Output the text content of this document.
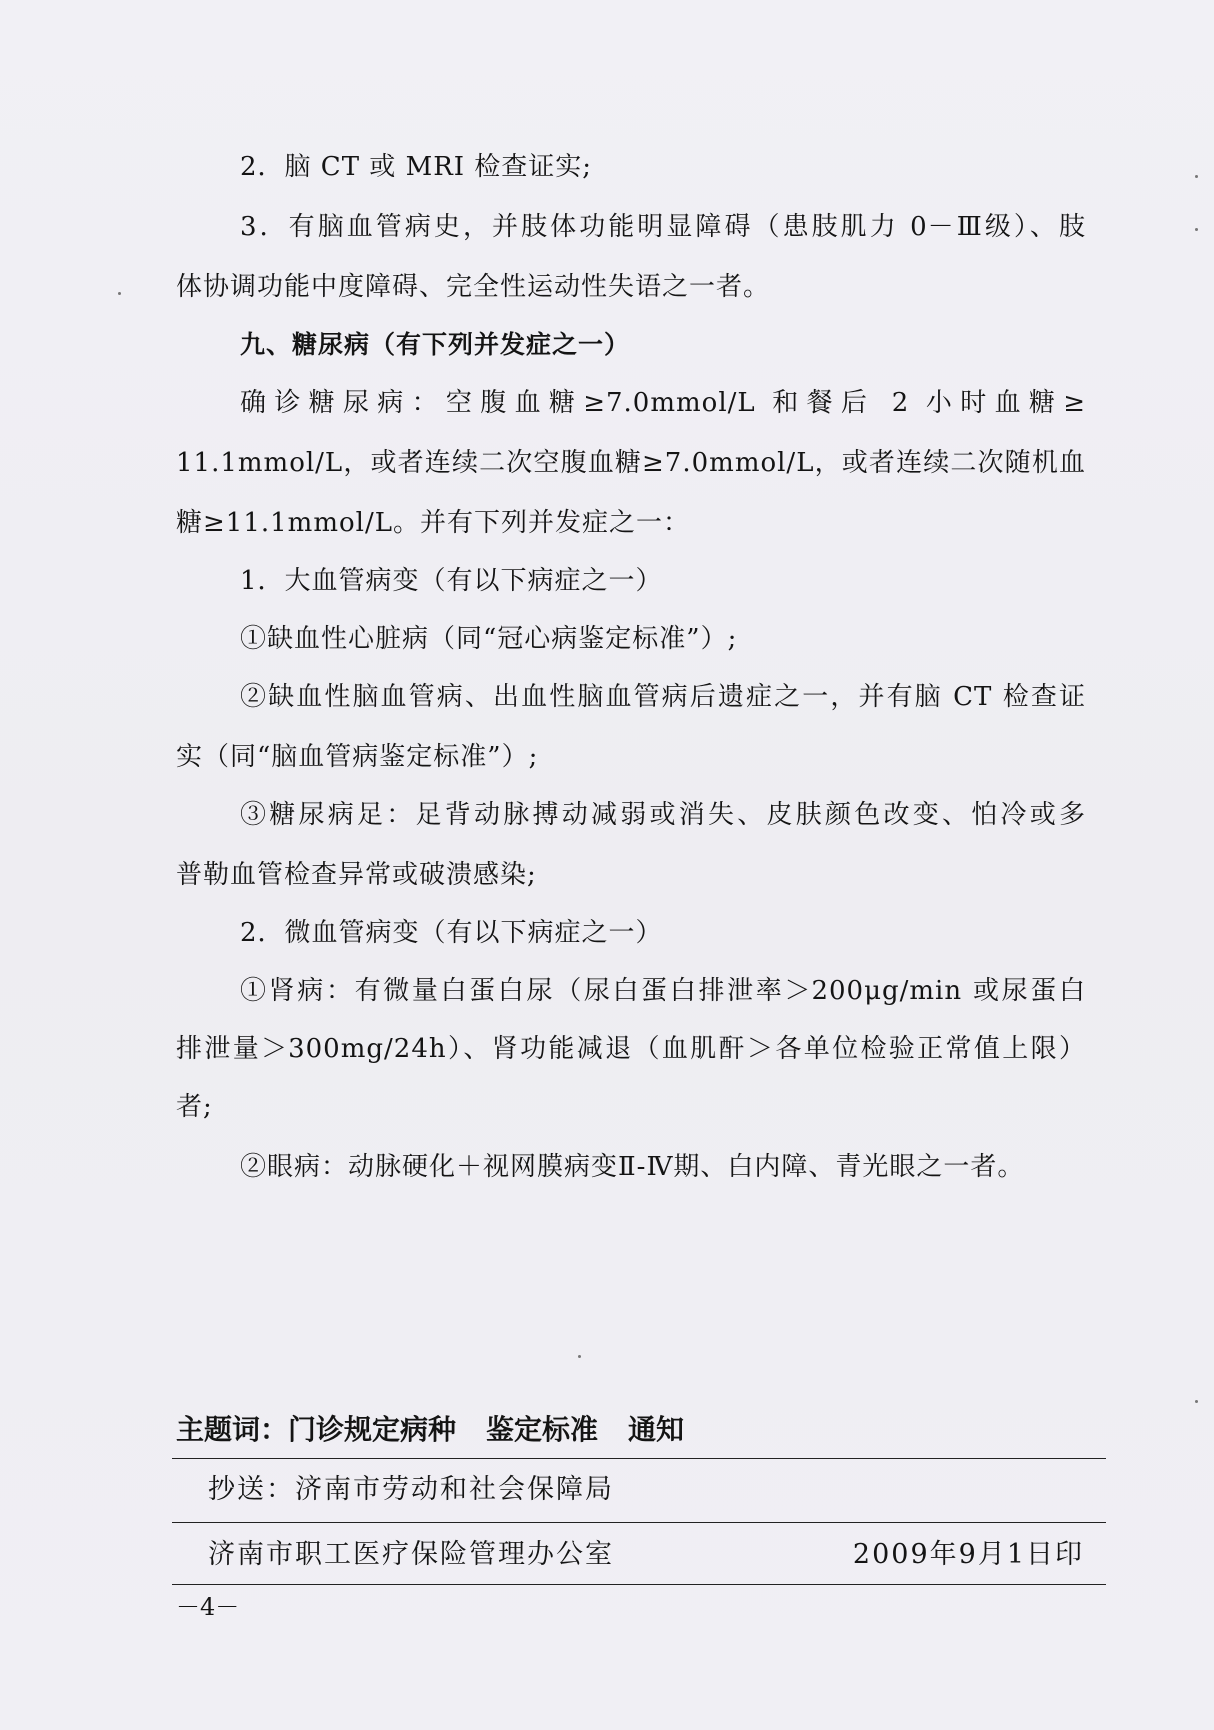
2．脑 CT 或 MRI 检查证实;
3．有脑血管病史，并肢体功能明显障碍（患肢肌力 0－Ⅲ级）、肢
体协调功能中度障碍、完全性运动性失语之一者。
九、糖尿病（有下列并发症之一）
确诊糖尿病：空腹血糖≥7.0mmol/L 和餐后 2 小时血糖≥
11.1mmol/L，或者连续二次空腹血糖≥7.0mmol/L，或者连续二次随机血
糖≥11.1mmol/L。并有下列并发症之一：
1．大血管病变（有以下病症之一）
①缺血性心脏病（同“冠心病鉴定标准”）;
②缺血性脑血管病、出血性脑血管病后遗症之一，并有脑 CT 检查证
实（同“脑血管病鉴定标准”）;
③糖尿病足：足背动脉搏动减弱或消失、皮肤颜色改变、怕冷或多
普勒血管检查异常或破溃感染;
2．微血管病变（有以下病症之一）
①肾病：有微量白蛋白尿（尿白蛋白排泄率＞200μg/min 或尿蛋白
排泄量＞300mg/24h）、肾功能减退（血肌酐＞各单位检验正常值上限）
者;
②眼病：动脉硬化＋视网膜病变Ⅱ-Ⅳ期、白内障、青光眼之一者。
主题词：门诊规定病种 鉴定标准 通知
抄送：济南市劳动和社会保障局
济南市职工医疗保险管理办公室	2009年9月1日印
－4－
